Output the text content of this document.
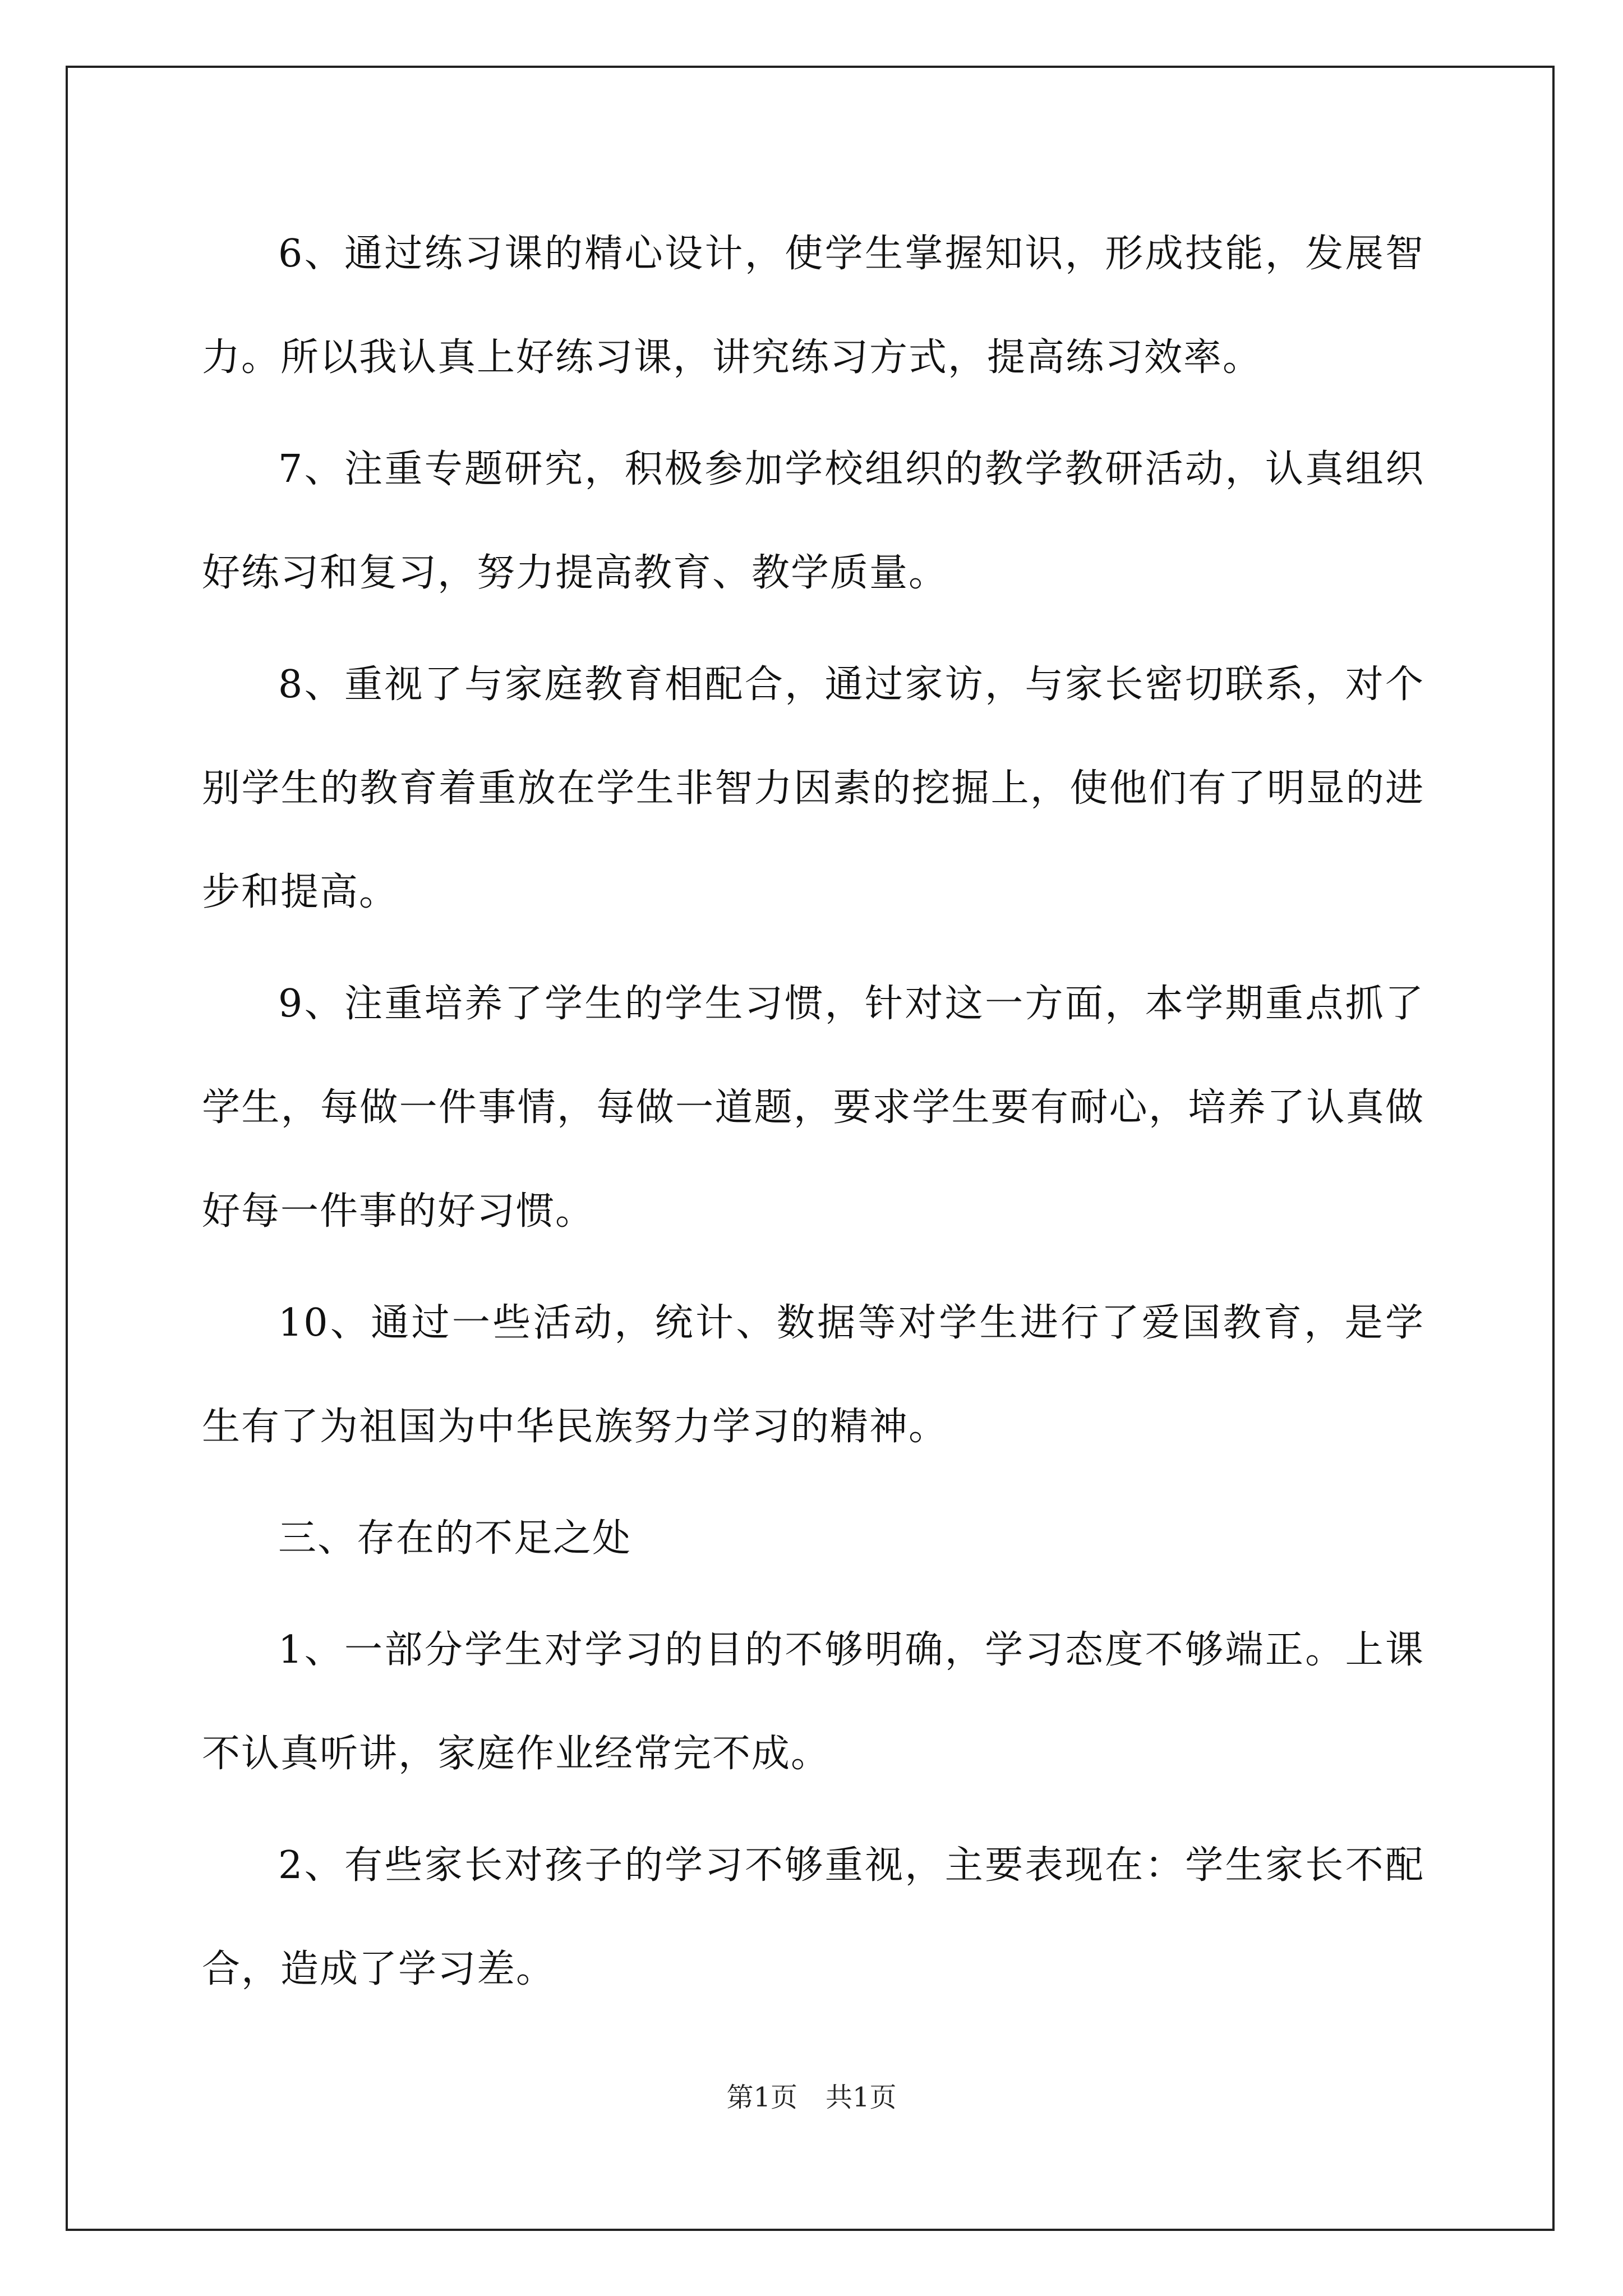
6、通过练习课的精心设计，使学生掌握知识，形成技能，发展智力。所以我认真上好练习课，讲究练习方式，提高练习效率。

7、注重专题研究，积极参加学校组织的教学教研活动，认真组织好练习和复习，努力提高教育、教学质量。

8、重视了与家庭教育相配合，通过家访，与家长密切联系，对个别学生的教育着重放在学生非智力因素的挖掘上，使他们有了明显的进步和提高。

9、注重培养了学生的学生习惯，针对这一方面，本学期重点抓了学生，每做一件事情，每做一道题，要求学生要有耐心，培养了认真做好每一件事的好习惯。

10、通过一些活动，统计、数据等对学生进行了爱国教育，是学生有了为祖国为中华民族努力学习的精神。

三、存在的不足之处

1、一部分学生对学习的目的不够明确，学习态度不够端正。上课不认真听讲，家庭作业经常完不成。

2、有些家长对孩子的学习不够重视，主要表现在：学生家长不配合，造成了学习差。

第1页 共1页
